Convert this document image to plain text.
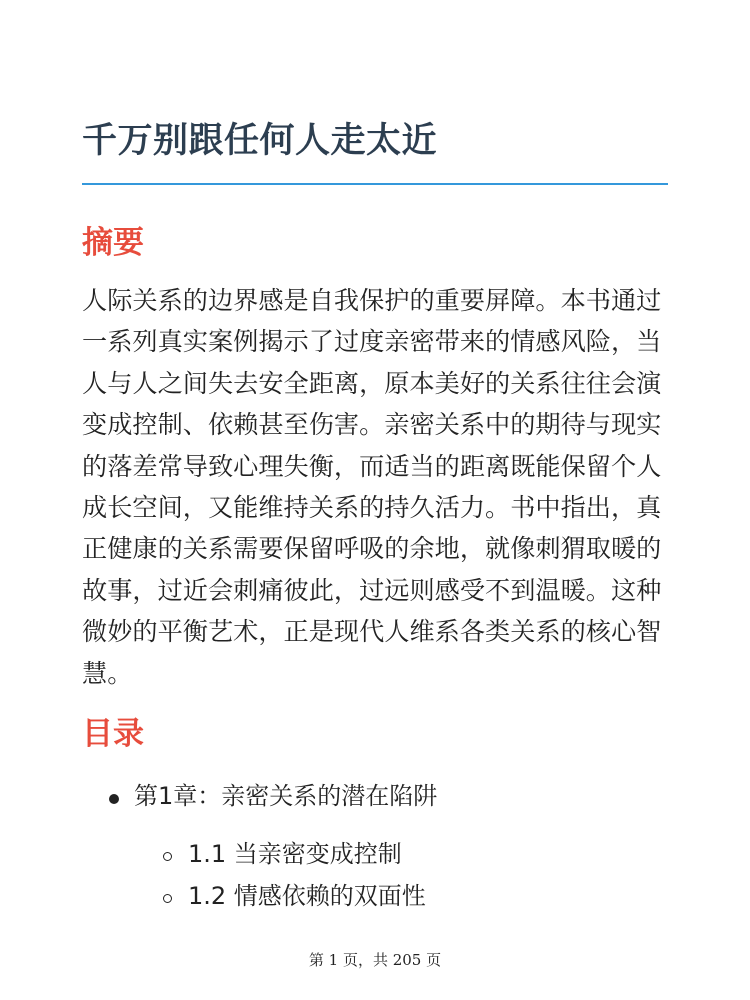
千万别跟任何人走太近
摘要

人际关系的边界感是自我保护的重要屏障。本书通过一系列真实案例揭示了过度亲密带来的情感风险，当人与人之间失去安全距离，原本美好的关系往往会演变成控制、依赖甚至伤害。亲密关系中的期待与现实的落差常导致心理失衡，而适当的距离既能保留个人成长空间，又能维持关系的持久活力。书中指出，真正健康的关系需要保留呼吸的余地，就像刺猬取暖的故事，过近会刺痛彼此，过远则感受不到温暖。这种微妙的平衡艺术，正是现代人维系各类关系的核心智慧。

目录
第1章：亲密关系的潜在陷阱
1.1 当亲密变成控制
1.2 情感依赖的双面性
第 1 页，共 205 页
